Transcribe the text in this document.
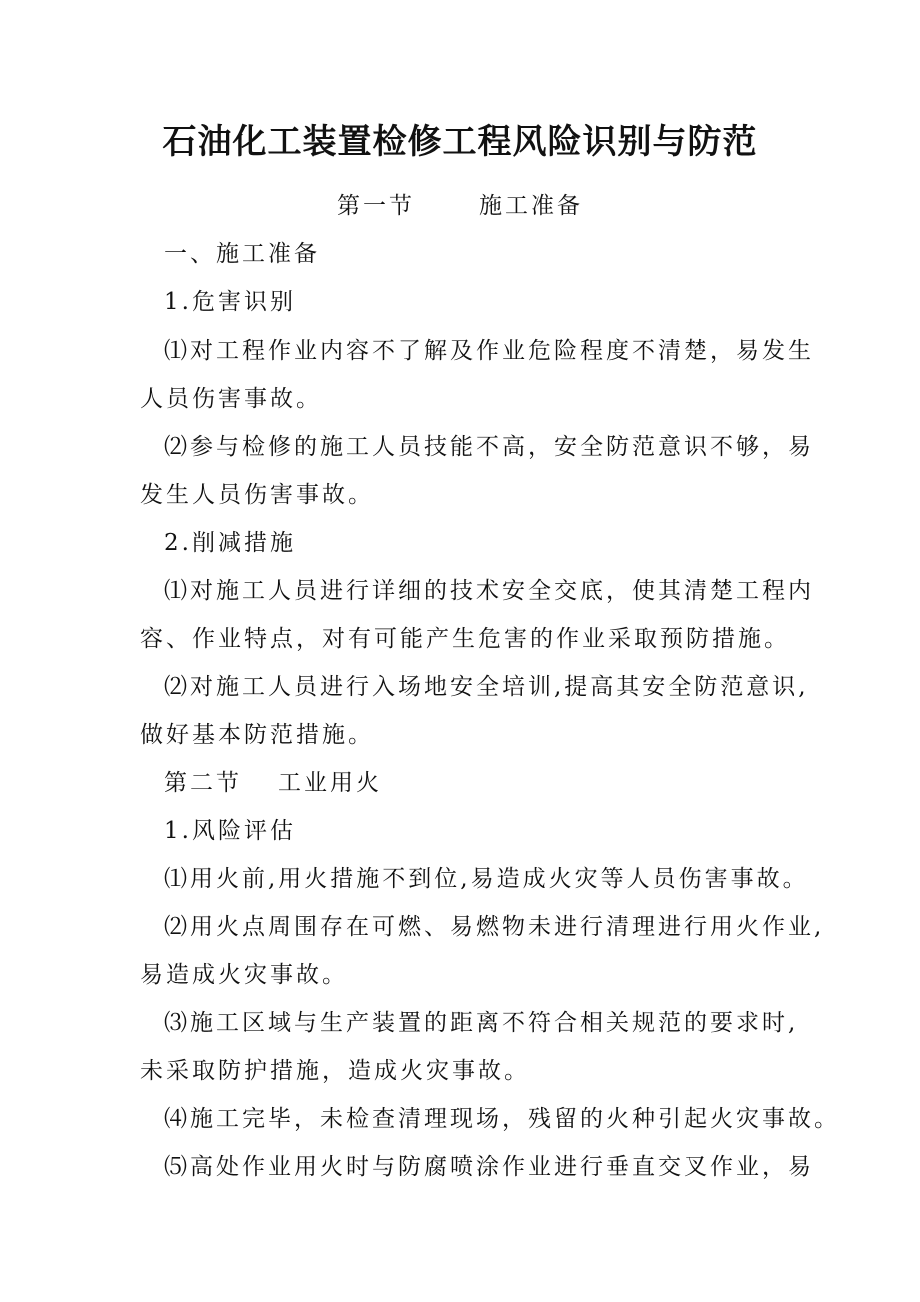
石油化工装置检修工程风险识别与防范
第一节	施工准备
一、施工准备
1.危害识别
⑴对工程作业内容不了解及作业危险程度不清楚，易发生
人员伤害事故。
⑵参与检修的施工人员技能不高，安全防范意识不够，易
发生人员伤害事故。
2.削减措施
⑴对施工人员进行详细的技术安全交底，使其清楚工程内
容、作业特点，对有可能产生危害的作业采取预防措施。
⑵对施工人员进行入场地安全培训,提高其安全防范意识,
做好基本防范措施。
第二节 工业用火
1.风险评估
⑴用火前,用火措施不到位,易造成火灾等人员伤害事故。
⑵用火点周围存在可燃、易燃物未进行清理进行用火作业,
易造成火灾事故。
⑶施工区域与生产装置的距离不符合相关规范的要求时,
未采取防护措施，造成火灾事故。
⑷施工完毕，未检查清理现场，残留的火种引起火灾事故。
⑸高处作业用火时与防腐喷涂作业进行垂直交叉作业，易
